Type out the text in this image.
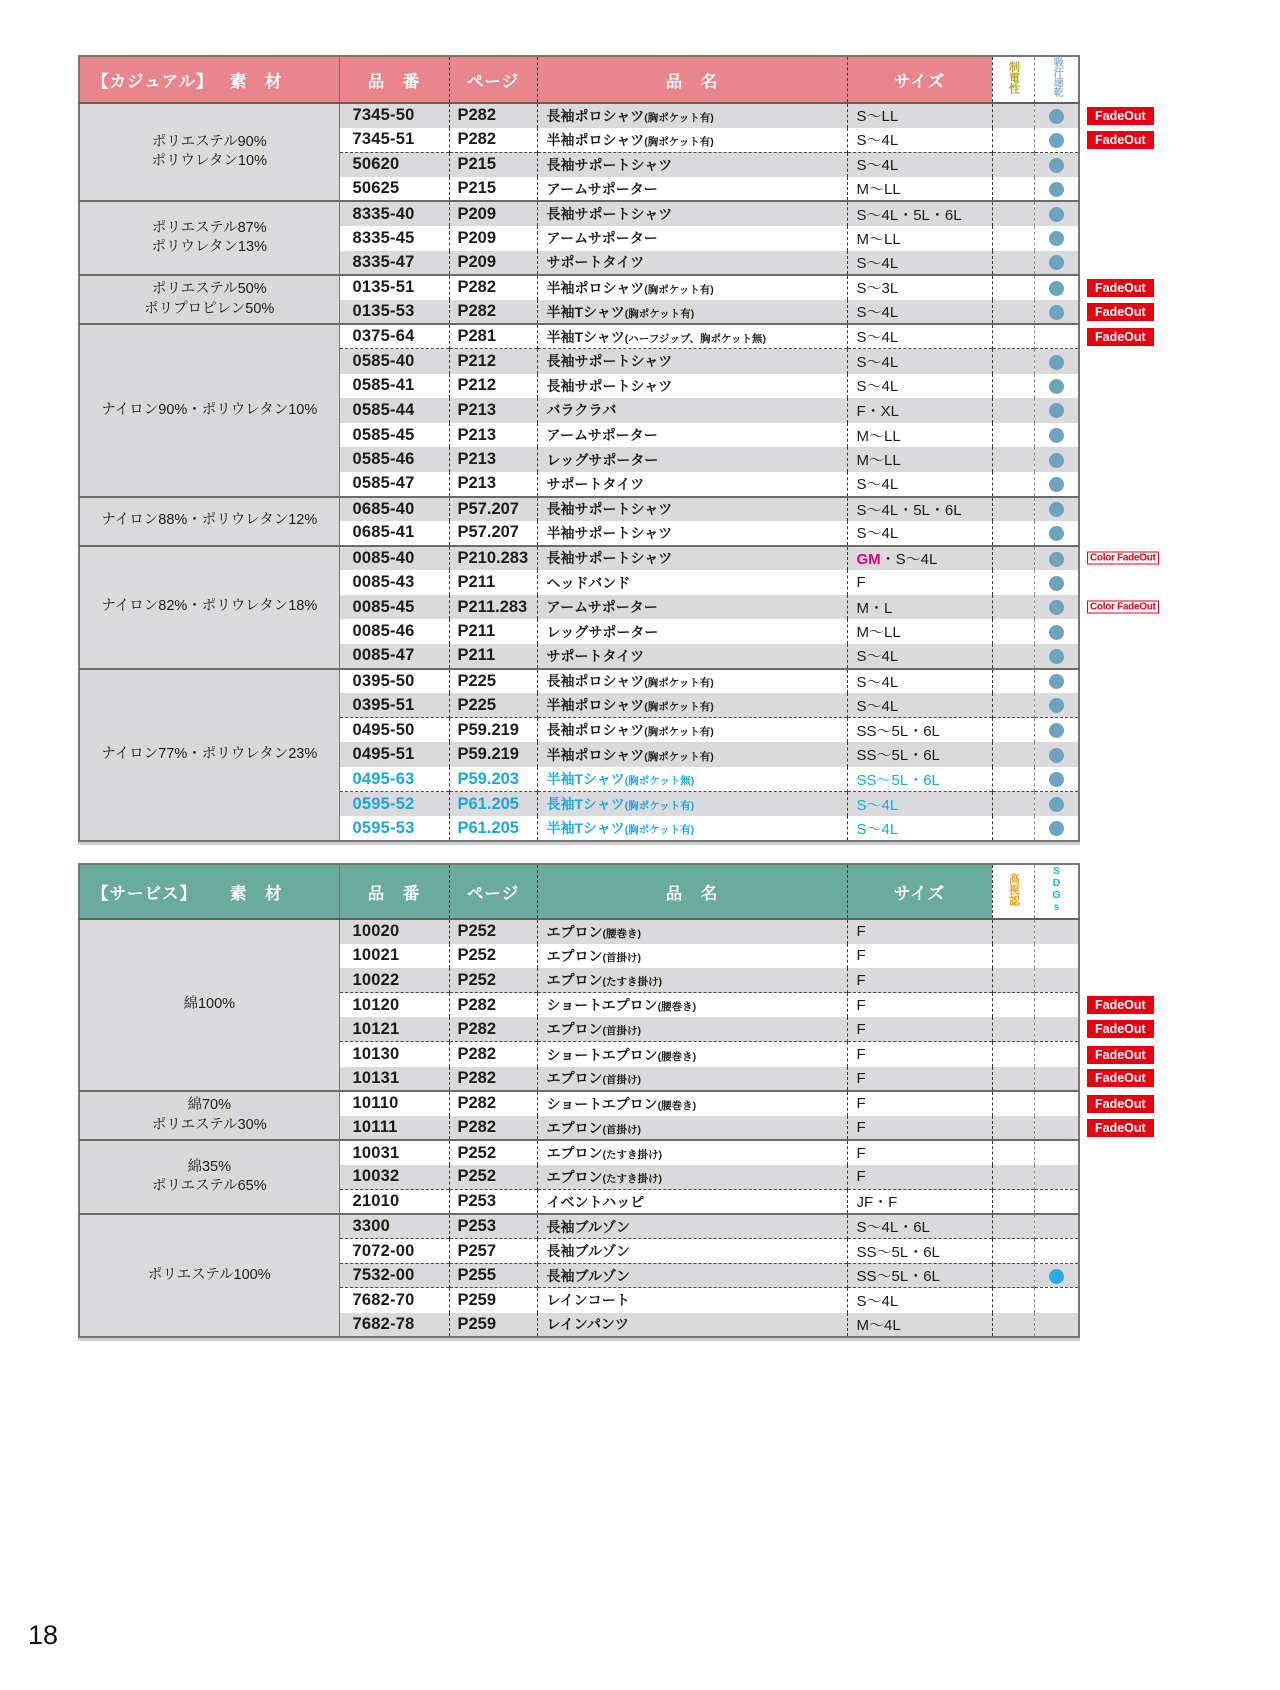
【カジュアル】 素　材	品　番	ページ	品　名	サイズ	制電性	吸汗速乾
ポリエステル90%
ポリウレタン10%	7345-50	P282	長袖ポロシャツ(胸ポケット有)	S〜LL		FadeOut

	7345-51	P282	半袖ポロシャツ(胸ポケット有)	S〜4L		FadeOut

	50620	P215	長袖サポートシャツ	S〜4L		
	50625	P215	アームサポーター	M〜LL		
ポリエステル87%
ポリウレタン13%	8335-40	P209	長袖サポートシャツ	S〜4L・5L・6L		
	8335-45	P209	アームサポーター	M〜LL		
	8335-47	P209	サポートタイツ	S〜4L		
ポリエステル50%
ポリプロピレン50%	0135-51	P282	半袖ポロシャツ(胸ポケット有)	S〜3L		FadeOut

	0135-53	P282	半袖Tシャツ(胸ポケット有)	S〜4L		FadeOut

ナイロン90%・ポリウレタン10%	0375-64	P281	半袖Tシャツ(ハーフジップ、胸ポケット無)	S〜4L		FadeOut

	0585-40	P212	長袖サポートシャツ	S〜4L		
	0585-41	P212	長袖サポートシャツ	S〜4L		
	0585-44	P213	バラクラバ	F・XL		
	0585-45	P213	アームサポーター	M〜LL		
	0585-46	P213	レッグサポーター	M〜LL		
	0585-47	P213	サポートタイツ	S〜4L		
ナイロン88%・ポリウレタン12%	0685-40	P57.207	長袖サポートシャツ	S〜4L・5L・6L		
	0685-41	P57.207	半袖サポートシャツ	S〜4L		
ナイロン82%・ポリウレタン18%	0085-40	P210.283	長袖サポートシャツ	GM・S〜4L		Color FadeOut

	0085-43	P211	ヘッドバンド	F		
	0085-45	P211.283	アームサポーター	M・L		Color FadeOut

	0085-46	P211	レッグサポーター	M〜LL		
	0085-47	P211	サポートタイツ	S〜4L		
ナイロン77%・ポリウレタン23%	0395-50	P225	長袖ポロシャツ(胸ポケット有)	S〜4L		
	0395-51	P225	半袖ポロシャツ(胸ポケット有)	S〜4L		
	0495-50	P59.219	長袖ポロシャツ(胸ポケット有)	SS〜5L・6L		
	0495-51	P59.219	半袖ポロシャツ(胸ポケット有)	SS〜5L・6L		
	0495-63	P59.203	半袖Tシャツ(胸ポケット無)	SS〜5L・6L		
	0595-52	P61.205	長袖Tシャツ(胸ポケット有)	S〜4L		
	0595-53	P61.205	半袖Tシャツ(胸ポケット有)	S〜4L		
【サービス】 素　材	品　番	ページ	品　名	サイズ	高視認	SDGs
綿100%	10020	P252	エプロン(腰巻き)	F		
	10021	P252	エプロン(首掛け)	F		
	10022	P252	エプロン(たすき掛け)	F		
	10120	P282	ショートエプロン(腰巻き)	F		FadeOut

	10121	P282	エプロン(首掛け)	F		FadeOut

	10130	P282	ショートエプロン(腰巻き)	F		FadeOut

	10131	P282	エプロン(首掛け)	F		FadeOut

綿70%
ポリエステル30%	10110	P282	ショートエプロン(腰巻き)	F		FadeOut

	10111	P282	エプロン(首掛け)	F		FadeOut

綿35%
ポリエステル65%	10031	P252	エプロン(たすき掛け)	F		
	10032	P252	エプロン(たすき掛け)	F		
	21010	P253	イベントハッピ	JF・F		
ポリエステル100%	3300	P253	長袖ブルゾン	S〜4L・6L		
	7072-00	P257	長袖ブルゾン	SS〜5L・6L		
	7532-00	P255	長袖ブルゾン	SS〜5L・6L		
	7682-70	P259	レインコート	S〜4L		
	7682-78	P259	レインパンツ	M〜4L		
18
